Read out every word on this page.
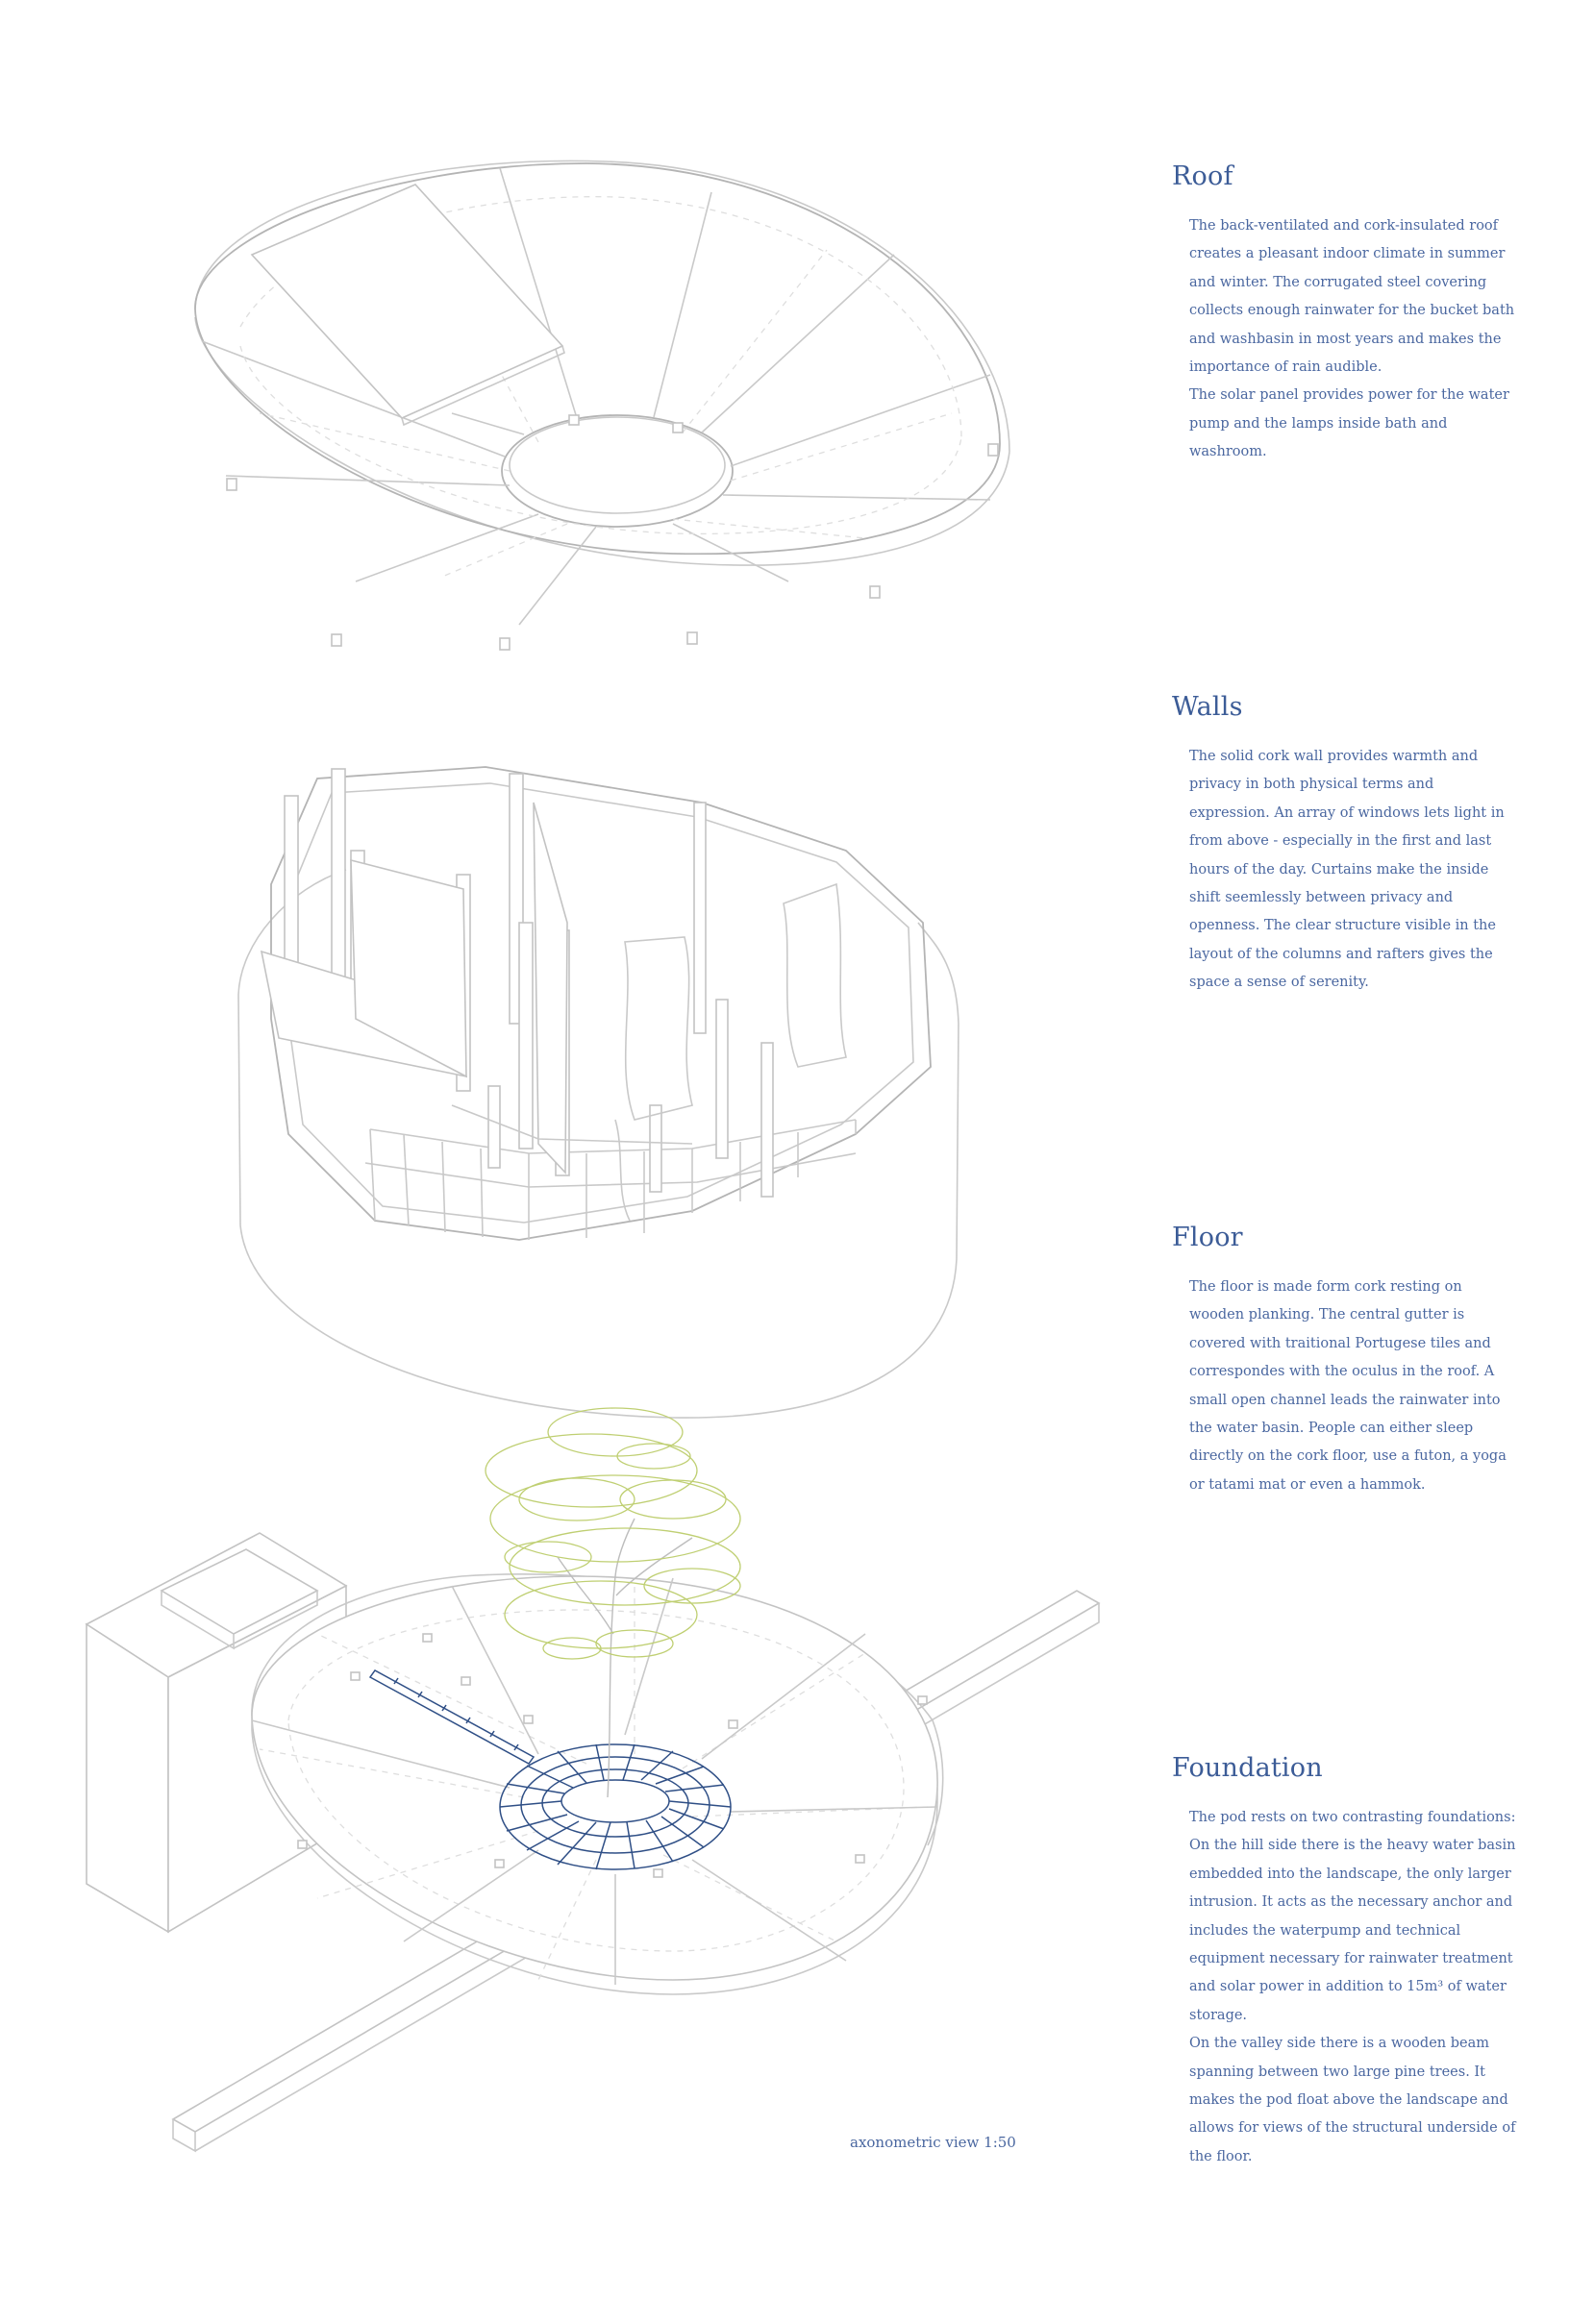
Roof

The back-ventilated and cork-insulated roof creates a pleasant indoor climate in summer and winter. The corrugated steel covering collects enough rainwater for the bucket bath and washbasin in most years and makes the importance of rain audible.

The solar panel provides power for the water pump and the lamps inside bath and washroom.

Walls

The solid cork wall provides warmth and privacy in both physical terms and expression. An array of windows lets light in from above - especially in the first and last hours of the day. Curtains make the inside shift seemlessly between privacy and openness. The clear structure visible in the layout of the columns and rafters gives the space a sense of serenity.

Floor

The floor is made form cork resting on wooden planking. The central gutter is covered with traitional Portugese tiles and correspondes with the oculus in the roof. A small open channel leads the rainwater into the water basin. People can either sleep directly on the cork floor, use a futon, a yoga or tatami mat or even a hammok.

Foundation

The pod rests on two contrasting foundations: On the hill side there is the heavy water basin embedded into the landscape, the only larger intrusion. It acts as the necessary anchor and includes the waterpump and technical equipment necessary for rainwater treatment and solar power in addition to 15m³ of water storage.

On the valley side there is a wooden beam spanning between two large pine trees. It makes the pod float above the landscape and allows for views of the structural underside of the floor.

axonometric view 1:50
